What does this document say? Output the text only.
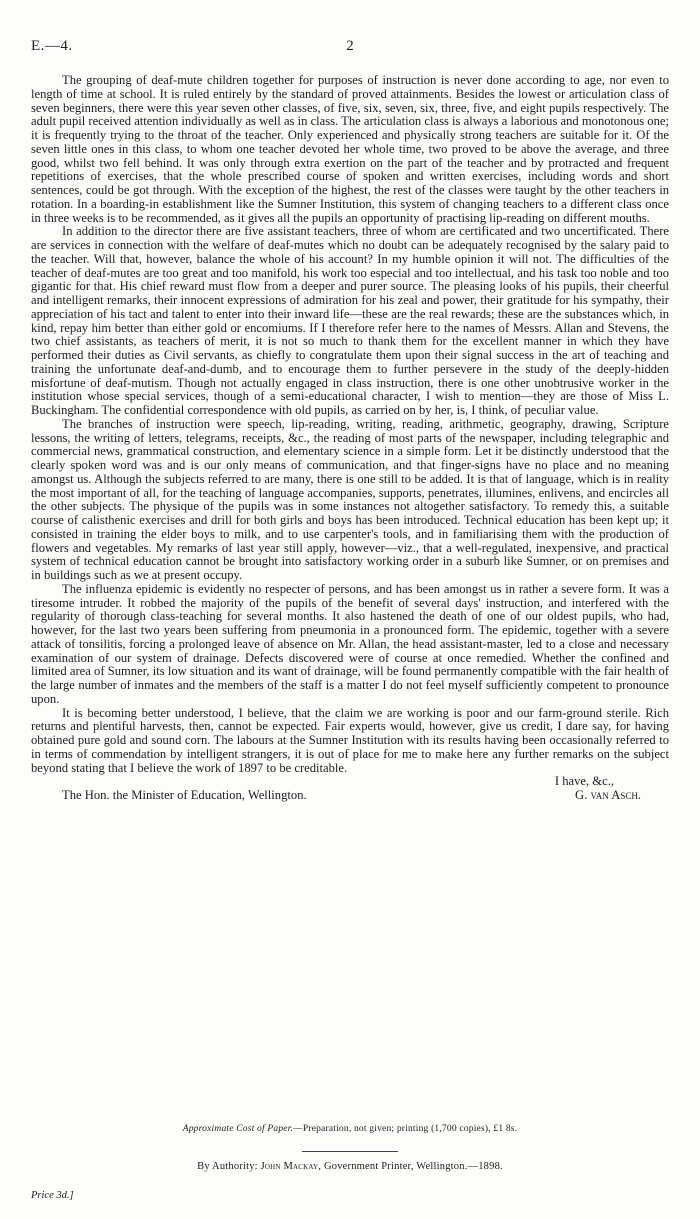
E.—4.	2

The grouping of deaf-mute children together for purposes of instruction is never done according to age, nor even to length of time at school. It is ruled entirely by the standard of proved attainments. Besides the lowest or articulation class of seven beginners, there were this year seven other classes, of five, six, seven, six, three, five, and eight pupils respectively. The adult pupil received attention individually as well as in class. The articulation class is always a laborious and monotonous one; it is frequently trying to the throat of the teacher. Only experienced and physically strong teachers are suitable for it. Of the seven little ones in this class, to whom one teacher devoted her whole time, two proved to be above the average, and three good, whilst two fell behind. It was only through extra exertion on the part of the teacher and by protracted and frequent repetitions of exercises, that the whole prescribed course of spoken and written exercises, including words and short sentences, could be got through. With the exception of the highest, the rest of the classes were taught by the other teachers in rotation. In a boarding-in establishment like the Sumner Institution, this system of changing teachers to a different class once in three weeks is to be recommended, as it gives all the pupils an opportunity of practising lip-reading on different mouths.

In addition to the director there are five assistant teachers, three of whom are certificated and two uncertificated. There are services in connection with the welfare of deaf-mutes which no doubt can be adequately recognised by the salary paid to the teacher. Will that, however, balance the whole of his account? In my humble opinion it will not. The difficulties of the teacher of deaf-mutes are too great and too manifold, his work too especial and too intellectual, and his task too noble and too gigantic for that. His chief reward must flow from a deeper and purer source. The pleasing looks of his pupils, their cheerful and intelligent remarks, their innocent expressions of admiration for his zeal and power, their gratitude for his sympathy, their appreciation of his tact and talent to enter into their inward life—these are the real rewards; these are the substances which, in kind, repay him better than either gold or encomiums. If I therefore refer here to the names of Messrs. Allan and Stevens, the two chief assistants, as teachers of merit, it is not so much to thank them for the excellent manner in which they have performed their duties as Civil servants, as chiefly to congratulate them upon their signal success in the art of teaching and training the unfortunate deaf-and-dumb, and to encourage them to further persevere in the study of the deeply-hidden misfortune of deaf-mutism. Though not actually engaged in class instruction, there is one other unobtrusive worker in the institution whose special services, though of a semi-educational character, I wish to mention—they are those of Miss L. Buckingham. The confidential correspondence with old pupils, as carried on by her, is, I think, of peculiar value.

The branches of instruction were speech, lip-reading, writing, reading, arithmetic, geography, drawing, Scripture lessons, the writing of letters, telegrams, receipts, &c., the reading of most parts of the newspaper, including telegraphic and commercial news, grammatical construction, and elementary science in a simple form. Let it be distinctly understood that the clearly spoken word was and is our only means of communication, and that finger-signs have no place and no meaning amongst us. Although the subjects referred to are many, there is one still to be added. It is that of language, which is in reality the most important of all, for the teaching of language accompanies, supports, penetrates, illumines, enlivens, and encircles all the other subjects. The physique of the pupils was in some instances not altogether satisfactory. To remedy this, a suitable course of calisthenic exercises and drill for both girls and boys has been introduced. Technical education has been kept up; it consisted in training the elder boys to milk, and to use carpenter's tools, and in familiarising them with the production of flowers and vegetables. My remarks of last year still apply, however—viz., that a well-regulated, inexpensive, and practical system of technical education cannot be brought into satisfactory working order in a suburb like Sumner, or on premises and in buildings such as we at present occupy.

The influenza epidemic is evidently no respecter of persons, and has been amongst us in rather a severe form. It was a tiresome intruder. It robbed the majority of the pupils of the benefit of several days' instruction, and interfered with the regularity of thorough class-teaching for several months. It also hastened the death of one of our oldest pupils, who had, however, for the last two years been suffering from pneumonia in a pronounced form. The epidemic, together with a severe attack of tonsilitis, forcing a prolonged leave of absence on Mr. Allan, the head assistant-master, led to a close and necessary examination of our system of drainage. Defects discovered were of course at once remedied. Whether the confined and limited area of Sumner, its low situation and its want of drainage, will be found permanently compatible with the fair health of the large number of inmates and the members of the staff is a matter I do not feel myself sufficiently competent to pronounce upon.

It is becoming better understood, I believe, that the claim we are working is poor and our farm-ground sterile. Rich returns and plentiful harvests, then, cannot be expected. Fair experts would, however, give us credit, I dare say, for having obtained pure gold and sound corn. The labours at the Sumner Institution with its results having been occasionally referred to in terms of commendation by intelligent strangers, it is out of place for me to make here any further remarks on the subject beyond stating that I believe the work of 1897 to be creditable.

I have, &c.,
The Hon. the Minister of Education, Wellington.	G. van Asch.
Approximate Cost of Paper.—Preparation, not given; printing (1,700 copies), £1 8s.
By Authority: John Mackay, Government Printer, Wellington.—1898.
Price 3d.]
